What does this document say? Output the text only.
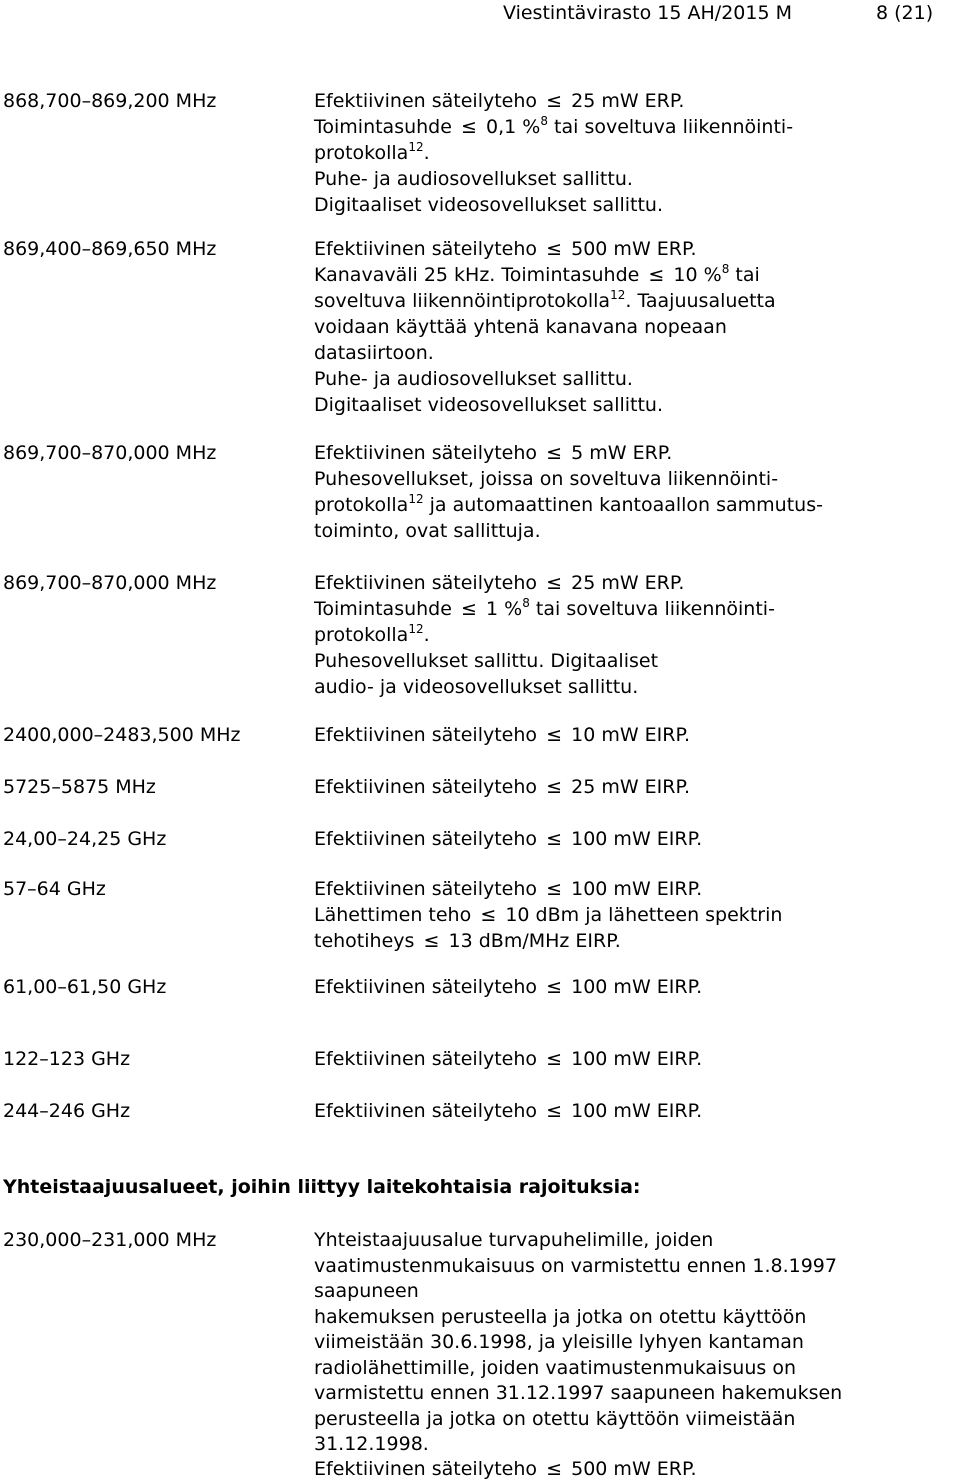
Viestintävirasto 15 AH/2015 M	8 (21)
868,700–869,200 MHz	Efektiivinen säteilyteho ≤ 25 mW ERP.
Toimintasuhde ≤ 0,1 %$^8$ tai soveltuva liikennöinti-
protokolla$^{12}$.
Puhe- ja audiosovellukset sallittu.
Digitaaliset videosovellukset sallittu.
869,400–869,650 MHz	Efektiivinen säteilyteho ≤ 500 mW ERP.
Kanavaväli 25 kHz. Toimintasuhde ≤ 10 %$^8$ tai
soveltuva liikennöintiprotokolla$^{12}$. Taajuusaluetta
voidaan käyttää yhtenä kanavana nopeaan
datasiirtoon.
Puhe- ja audiosovellukset sallittu.
Digitaaliset videosovellukset sallittu.
869,700–870,000 MHz	Efektiivinen säteilyteho ≤ 5 mW ERP.
Puhesovellukset, joissa on soveltuva liikennöinti-
protokolla$^{12}$ ja automaattinen kantoaallon sammutus-
toiminto, ovat sallittuja.
869,700–870,000 MHz	Efektiivinen säteilyteho ≤ 25 mW ERP.
Toimintasuhde ≤ 1 %$^8$ tai soveltuva liikennöinti-
protokolla$^{12}$.
Puhesovellukset sallittu. Digitaaliset
audio- ja videosovellukset sallittu.
2400,000–2483,500 MHz	Efektiivinen säteilyteho ≤ 10 mW EIRP.
5725–5875 MHz	Efektiivinen säteilyteho ≤ 25 mW EIRP.
24,00–24,25 GHz	Efektiivinen säteilyteho ≤ 100 mW EIRP.
57–64 GHz	Efektiivinen säteilyteho ≤ 100 mW EIRP.
Lähettimen teho ≤ 10 dBm ja lähetteen spektrin
tehotiheys ≤ 13 dBm/MHz EIRP.
61,00–61,50 GHz	Efektiivinen säteilyteho ≤ 100 mW EIRP.
122–123 GHz	Efektiivinen säteilyteho ≤ 100 mW EIRP.
244–246 GHz	Efektiivinen säteilyteho ≤ 100 mW EIRP.
Yhteistaajuusalueet, joihin liittyy laitekohtaisia rajoituksia:
230,000–231,000 MHz	Yhteistaajuusalue turvapuhelimille, joiden
vaatimustenmukaisuus on varmistettu ennen 1.8.1997
saapuneen
hakemuksen perusteella ja jotka on otettu käyttöön
viimeistään 30.6.1998, ja yleisille lyhyen kantaman
radiolähettimille, joiden vaatimustenmukaisuus on
varmistettu ennen 31.12.1997 saapuneen hakemuksen
perusteella ja jotka on otettu käyttöön viimeistään
31.12.1998.
Efektiivinen säteilyteho ≤ 500 mW ERP.
